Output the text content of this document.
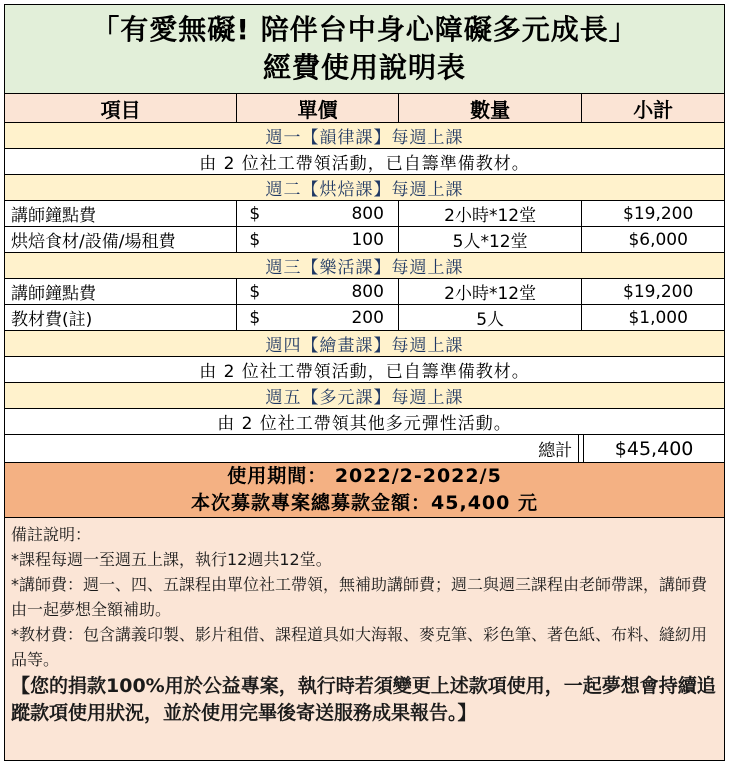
「有愛無礙! 陪伴台中身心障礙多元成長」
經費使用說明表
項目	單價	數量	小計
週一【韻律課】每週上課
由 2 位社工帶領活動，已自籌準備教材。
週二【烘焙課】每週上課
講師鐘點費	$	800	2小時*12堂	$19,200
烘焙食材/設備/場租費	$	100	5人*12堂	$6,000
週三【樂活課】每週上課
講師鐘點費	$	800	2小時*12堂	$19,200
教材費(註)	$	200	5人	$1,000
週四【繪畫課】每週上課
由 2 位社工帶領活動，已自籌準備教材。
週五【多元課】每週上課
由 2 位社工帶領其他多元彈性活動。
總計	$45,400
使用期間： 2022/2-2022/5
本次募款專案總募款金額：45,400 元

備註說明：

*課程每週一至週五上課，執行12週共12堂。

*講師費：週一、四、五課程由單位社工帶領，無補助講師費；週二與週三課程由老師帶課，講師費由一起夢想全額補助。

*教材費：包含講義印製、影片租借、課程道具如大海報、麥克筆、彩色筆、著色紙、布料、縫紉用品等。

【您的捐款100%用於公益專案，執行時若須變更上述款項使用，一起夢想會持續追蹤款項使用狀況，並於使用完畢後寄送服務成果報告。】
